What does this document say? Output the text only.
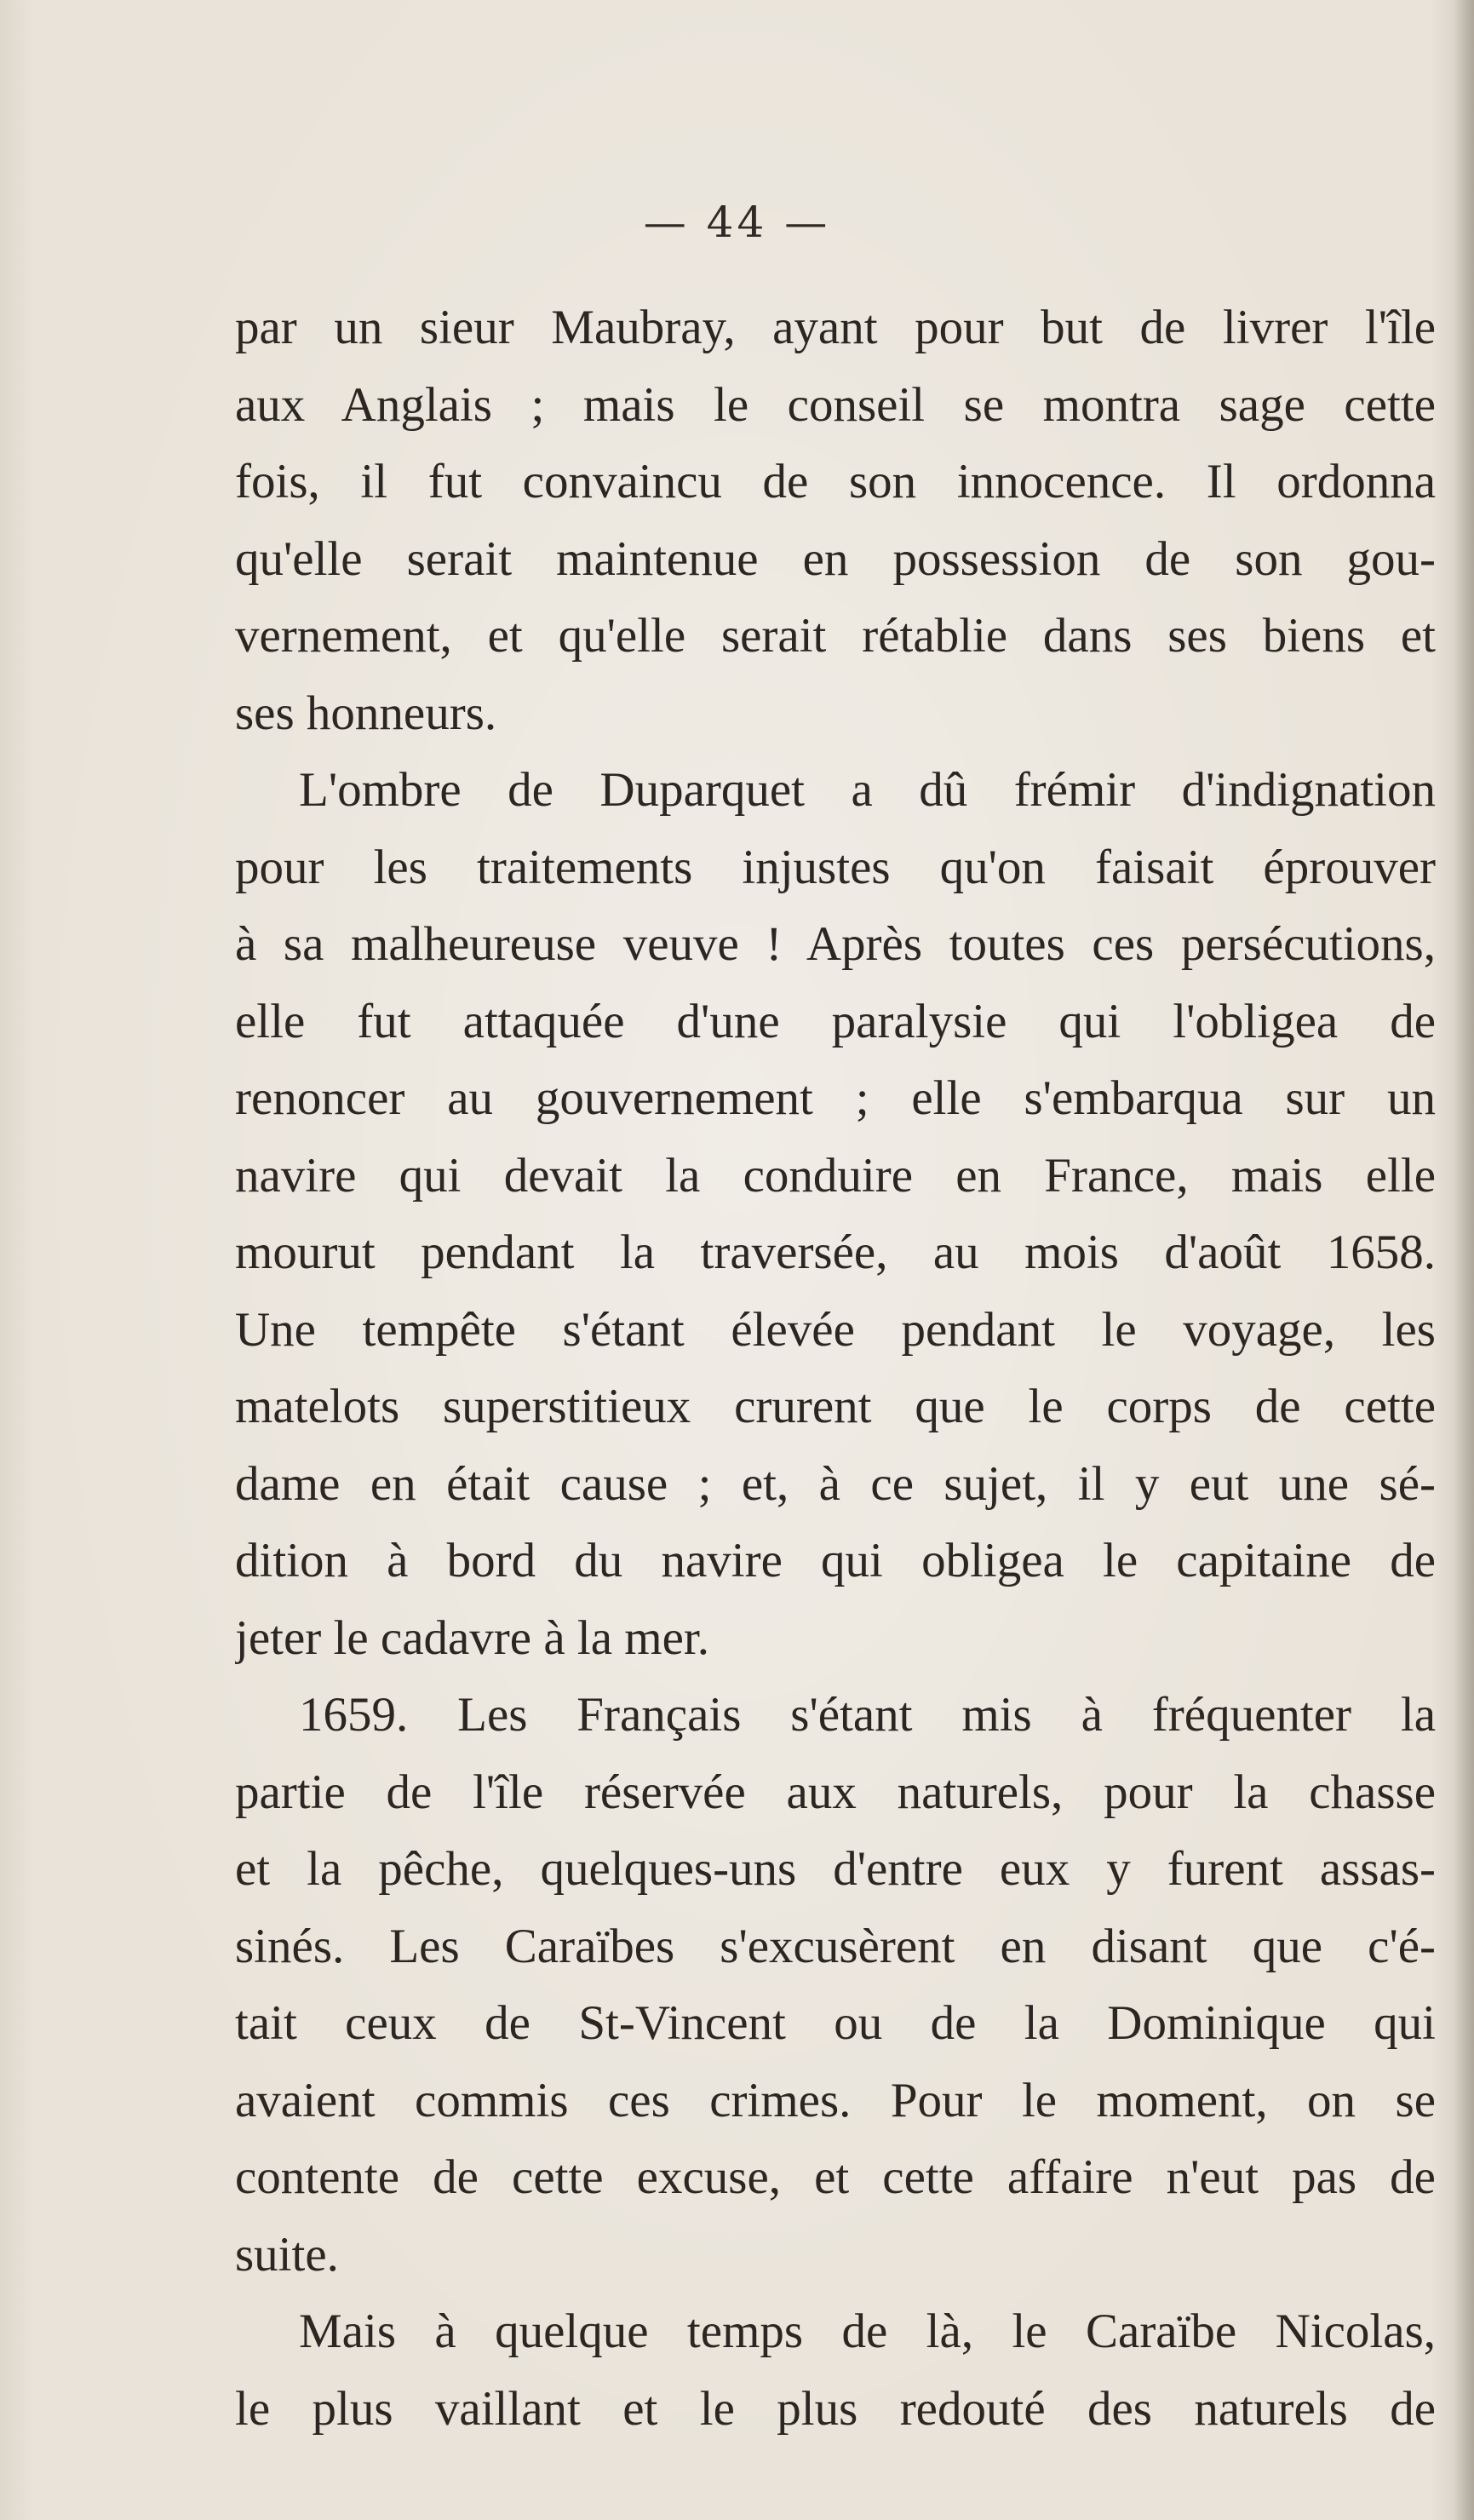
— 44 —
par un sieur Maubray, ayant pour but de livrer l'île
aux Anglais ; mais le conseil se montra sage cette
fois, il fut convaincu de son innocence. Il ordonna
qu'elle serait maintenue en possession de son gou-
vernement, et qu'elle serait rétablie dans ses biens et
ses honneurs.
L'ombre de Duparquet a dû frémir d'indignation
pour les traitements injustes qu'on faisait éprouver
à sa malheureuse veuve ! Après toutes ces persécutions,
elle fut attaquée d'une paralysie qui l'obligea de
renoncer au gouvernement ; elle s'embarqua sur un
navire qui devait la conduire en France, mais elle
mourut pendant la traversée, au mois d'août 1658.
Une tempête s'étant élevée pendant le voyage, les
matelots superstitieux crurent que le corps de cette
dame en était cause ; et, à ce sujet, il y eut une sé-
dition à bord du navire qui obligea le capitaine de
jeter le cadavre à la mer.
1659. Les Français s'étant mis à fréquenter la
partie de l'île réservée aux naturels, pour la chasse
et la pêche, quelques-uns d'entre eux y furent assas-
sinés. Les Caraïbes s'excusèrent en disant que c'é-
tait ceux de St-Vincent ou de la Dominique qui
avaient commis ces crimes. Pour le moment, on se
contente de cette excuse, et cette affaire n'eut pas de
suite.
Mais à quelque temps de là, le Caraïbe Nicolas,
le plus vaillant et le plus redouté des naturels de
